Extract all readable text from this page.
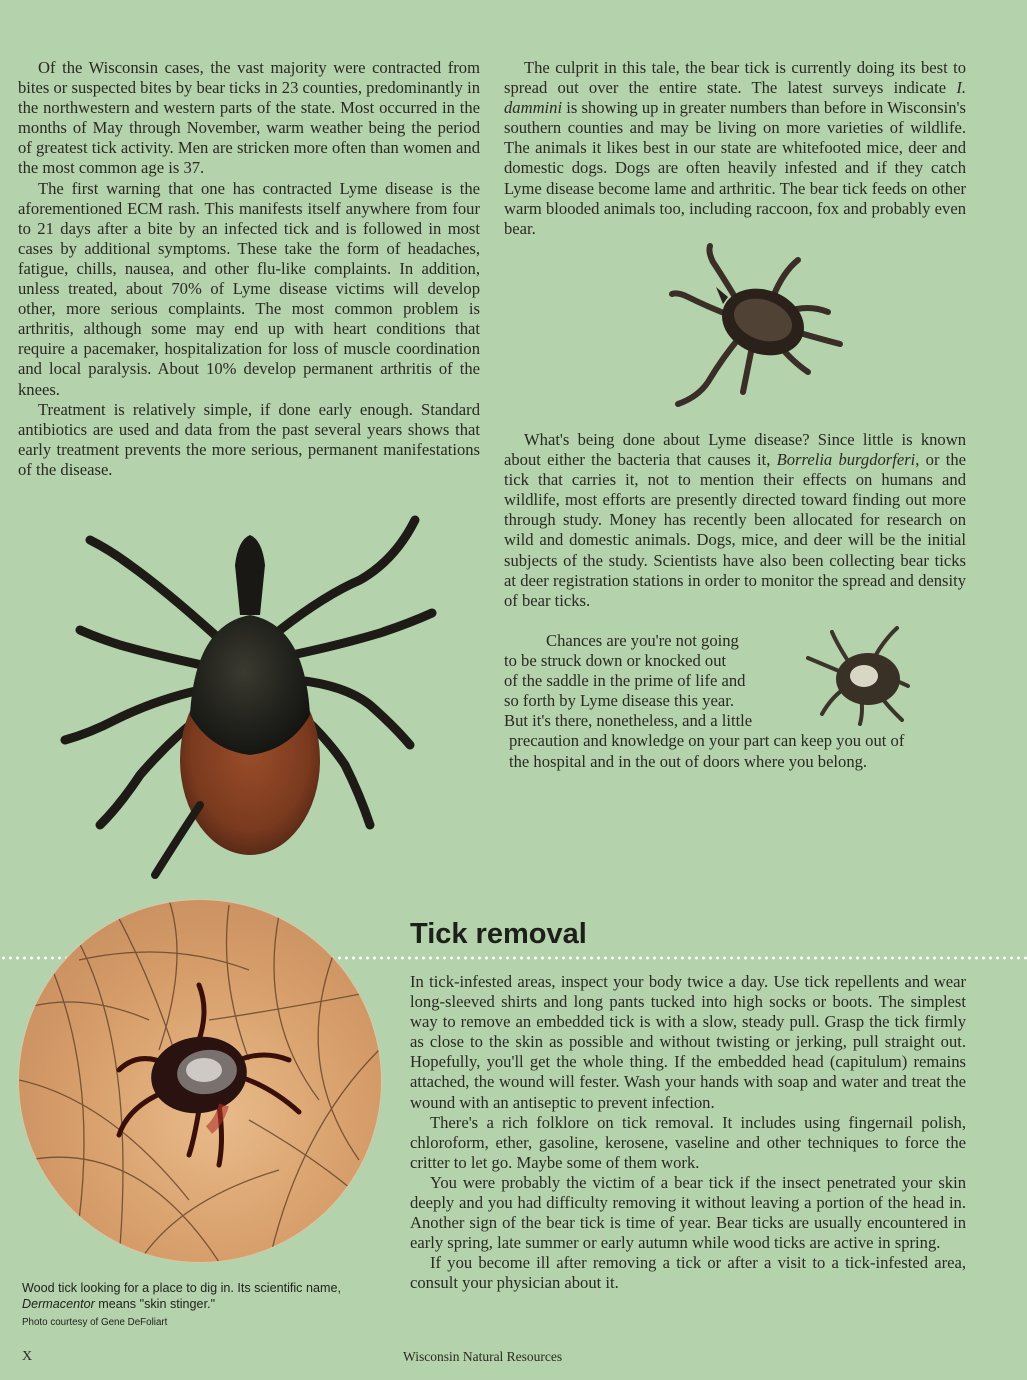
Of the Wisconsin cases, the vast majority were contracted from bites or suspected bites by bear ticks in 23 counties, predominantly in the northwestern and western parts of the state. Most occurred in the months of May through November, warm weather being the period of greatest tick activity. Men are stricken more often than women and the most common age is 37.

The first warning that one has contracted Lyme disease is the aforementioned ECM rash. This manifests itself anywhere from four to 21 days after a bite by an infected tick and is followed in most cases by additional symptoms. These take the form of headaches, fatigue, chills, nausea, and other flu-like complaints. In addition, unless treated, about 70% of Lyme disease victims will develop other, more serious complaints. The most common problem is arthritis, although some may end up with heart conditions that require a pacemaker, hospitalization for loss of muscle coordination and local paralysis. About 10% develop permanent arthritis of the knees.

Treatment is relatively simple, if done early enough. Standard antibiotics are used and data from the past several years shows that early treatment prevents the more serious, permanent manifestations of the disease.

The culprit in this tale, the bear tick is currently doing its best to spread out over the entire state. The latest surveys indicate I. dammini is showing up in greater numbers than before in Wisconsin's southern counties and may be living on more varieties of wildlife. The animals it likes best in our state are whitefooted mice, deer and domestic dogs. Dogs are often heavily infested and if they catch Lyme disease become lame and arthritic. The bear tick feeds on other warm blooded animals too, including raccoon, fox and probably even bear.

What's being done about Lyme disease? Since little is known about either the bacteria that causes it, Borrelia burgdorferi, or the tick that carries it, not to mention their effects on humans and wildlife, most efforts are presently directed toward finding out more through study. Money has recently been allocated for research on wild and domestic animals. Dogs, mice, and deer will be the initial subjects of the study. Scientists have also been collecting bear ticks at deer registration stations in order to monitor the spread and density of bear ticks.

Chances are you're not going
to be struck down or knocked out
of the saddle in the prime of life and
so forth by Lyme disease this year.
But it's there, nonetheless, and a little
precaution and knowledge on your part can keep you out of
the hospital and in the out of doors where you belong.
Tick removal

In tick-infested areas, inspect your body twice a day. Use tick repellents and wear long-sleeved shirts and long pants tucked into high socks or boots. The simplest way to remove an embedded tick is with a slow, steady pull. Grasp the tick firmly as close to the skin as possible and without twisting or jerking, pull straight out. Hopefully, you'll get the whole thing. If the embedded head (capitulum) remains attached, the wound will fester. Wash your hands with soap and water and treat the wound with an antiseptic to prevent infection.

There's a rich folklore on tick removal. It includes using fingernail polish, chloroform, ether, gasoline, kerosene, vaseline and other techniques to force the critter to let go. Maybe some of them work.

You were probably the victim of a bear tick if the insect penetrated your skin deeply and you had difficulty removing it without leaving a portion of the head in. Another sign of the bear tick is time of year. Bear ticks are usually encountered in early spring, late summer or early autumn while wood ticks are active in spring.

If you become ill after removing a tick or after a visit to a tick-infested area, consult your physician about it.

Wood tick looking for a place to dig in. Its scientific name,
Dermacentor means "skin stinger."
Photo courtesy of Gene DeFoliart
X	Wisconsin Natural Resources
